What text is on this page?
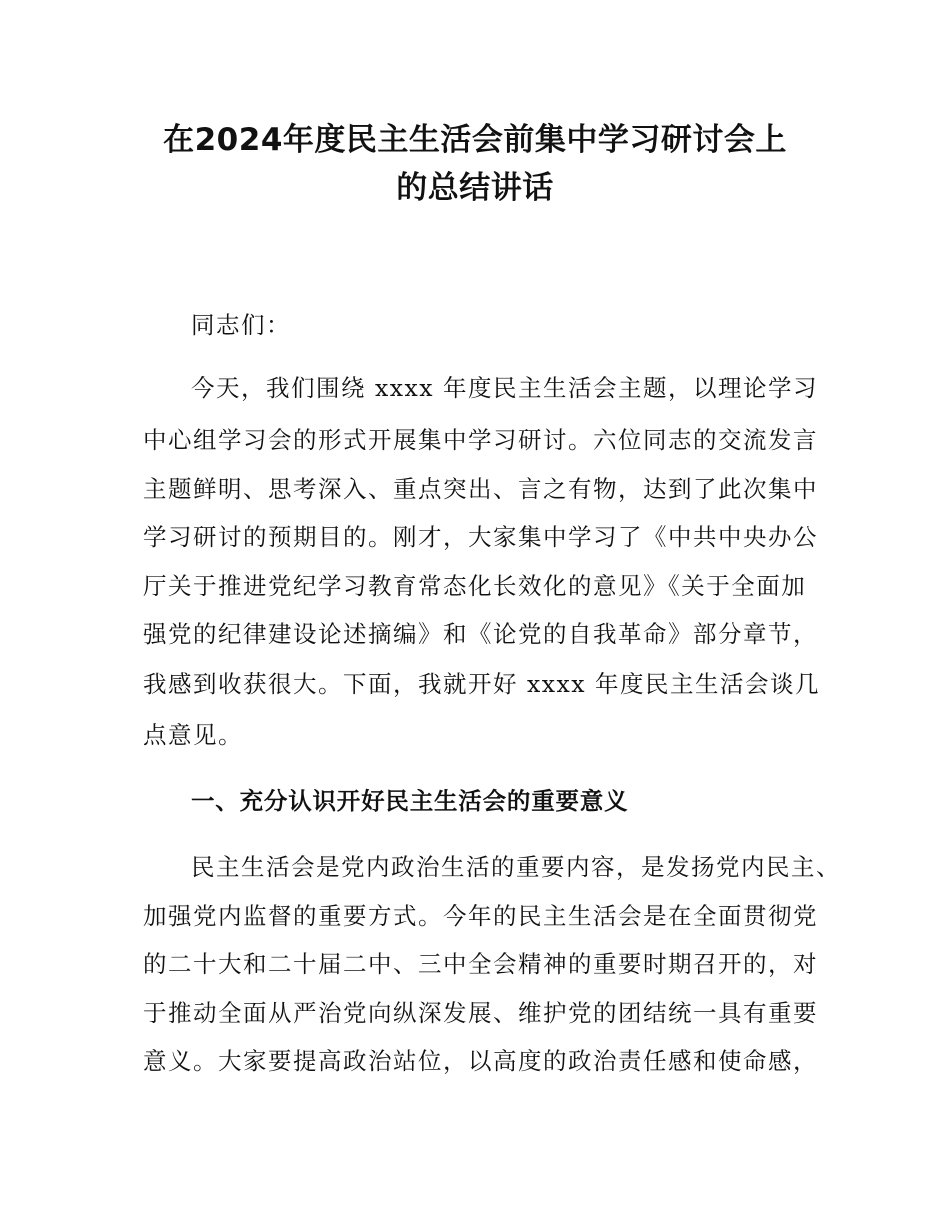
在2024年度民主生活会前集中学习研讨会上
的总结讲话
同志们：
今天，我们围绕 xxxx 年度民主生活会主题，以理论学习
中心组学习会的形式开展集中学习研讨。六位同志的交流发言
主题鲜明、思考深入、重点突出、言之有物，达到了此次集中
学习研讨的预期目的。刚才，大家集中学习了《中共中央办公
厅关于推进党纪学习教育常态化长效化的意见》《关于全面加
强党的纪律建设论述摘编》和《论党的自我革命》部分章节，
我感到收获很大。下面，我就开好 xxxx 年度民主生活会谈几
点意见。
一、充分认识开好民主生活会的重要意义
民主生活会是党内政治生活的重要内容，是发扬党内民主、
加强党内监督的重要方式。今年的民主生活会是在全面贯彻党
的二十大和二十届二中、三中全会精神的重要时期召开的，对
于推动全面从严治党向纵深发展、维护党的团结统一具有重要
意义。大家要提高政治站位，以高度的政治责任感和使命感，
